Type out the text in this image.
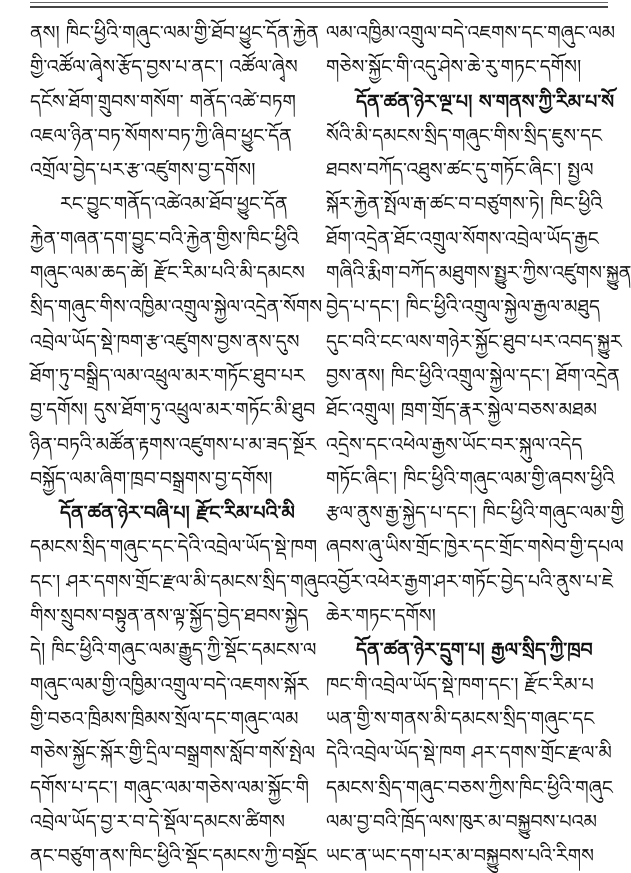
ནས། ཁིང་ཕྱིའི་གཞུང་ལམ་གྱི་ཐོབ་ཕྱུང་དོན་རྐྱེན
གྱི་འཚོལ་ཞྭེས་རྩོད་བྱས་པ་ནང་། འཚོལ་ཞྭེས
དངོས་ཐོག་གྲུབས་གསོག་ གནོད་འཚེ་བཏག
འཇལ་ཉིན་བཏ་སོགས་བཏ་ཀྱི་ཞིབ་ཕྱུང་དོན
འགྲོལ་བྱེད་པར་རྩ་འཛུགས་བྱ་དགོས།
རང་བྱུང་གནོད་འཚེའམ་ཐོབ་ཕྱུང་དོན
རྐྱེན་གཞན་དག་བྱུང་བའི་རྐྱེན་གྱིས་ཁིང་ཕྱིའི
གཞུང་ལམ་ཆད་ཚེ། རྫོང་རིམ་པའི་མི་དམངས
སྲིད་གཞུང་གིས་འཁྱིམ་འགྲུལ་སྐྱེལ་འདྲེན་སོགས
འབྲེལ་ཡོད་སྡེ་ཁག་རྩ་འཛུགས་བྱས་ནས་དུས
ཐོག་ཏུ་བསྒྲིད་ལམ་འཕྲུལ་མར་གཏོང་ཐུབ་པར
བྱ་དགོས། དུས་ཐོག་ཏུ་འཕྲུལ་མར་གཏོང་མི་ཐུབ
ཉིན་བཏའི་མཚོན་རྟགས་འཛུགས་པ་མ་ཟད་སྔོར
བསྐྱོད་ལམ་ཞིག་ཁྲབ་བསྒྲགས་བྱ་དགོས།
དོན་ཚན་ཉེར་བཞི་པ། རྫོང་རིམ་པའི་མི
དམངས་སྲིད་གཞུང་དང་དེའི་འབྲེལ་ཡོད་སྡེ་ཁག
དང་། ཤར་དགས་གྲོང་རྫལ་མི་དམངས་སྲིད་གཞུང
གིས་སྲུབས་བསྟུན་ནས་ལྟ་སྐྱོད་བྱེད་ཐབས་སྐྱེད
དེ། ཁིང་ཕྱིའི་གཞུང་ལམ་རྒྱུད་ཀྱི་སྡོང་དམངས་ལ
གཞུང་ལམ་གྱི་འཁྱིམ་འགྲུལ་བདེ་འཇགས་སྐོར
གྱི་བཅའ་ཁྲིམས་ཁྲིམས་སྲོལ་དང་གཞུང་ལམ
གཅེས་སྐྱོང་སྐོར་གྱི་དྲིལ་བསྒྲགས་སློབ་གསོ་སྤེལ
དགོས་པ་དང་། གཞུང་ལམ་གཅེས་ལམ་སྐྱོང་གི
འབྲེལ་ཡོད་བྱ་ར་བ་དེ་སྡོལ་དམངས་ཚིགས
ནང་བཙུག་ནས་ཁིང་ཕྱིའི་སྡོང་དམངས་ཀྱི་བསྡོང
ལམ་འཁྱིམ་འགྲུལ་བདེ་འཇགས་དང་གཞུང་ལམ
གཅེས་སྐྱོང་གི་འདུ་ཤེས་ཆེ་རུ་གཏང་དགོས།
དོན་ཚན་ཉེར་ལྔ་པ། ས་གནས་ཀྱི་རིམ་པ་སོ
སོའི་མི་དམངས་སྲིད་གཞུང་གིས་སྲིད་ཇུས་དང
ཐབས་བཀོད་འཐུས་ཚང་དུ་གཏོང་ཞིང་། སྤྱལ
སྐོར་རྐྱེན་སྤོལ་རྒ་ཚང་བ་བཙུགས་ཏེ། ཁིང་ཕྱིའི
ཐོག་འདྲེན་ཐོང་འགྲུལ་སོགས་འབྲེལ་ཡོད་རྒྱང
གཞིའི་རྨིག་བཀོད་མཐུགས་སྤྱུར་ཀྱིས་འཛུགས་སྐྱུན
བྱེད་པ་དང་། ཁིང་ཕྱིའི་འགྲུལ་སྐྱེལ་རྒྱལ་མཐུད
དུང་བའི་ངང་ལས་གཉེར་སྐྱོང་ཐུབ་པར་འབད་སྐྱུར
བྱས་ནས། ཁིང་ཕྱིའི་འགྲུལ་སྐྱེལ་དང་། ཐོག་འདྲེན
ཐོང་འགྲུལ། ཁྲག་གྲོད་རྣར་སྐྱེལ་བཅས་མཐམ
འདྲེས་དང་འཕེལ་རྒྱས་ཡོང་བར་སྐུལ་འདེད
གཏོང་ཞིང་། ཁིང་ཕྱིའི་གཞུང་ལམ་གྱི་ཞབས་ཕྱིའི
རྩལ་ནུས་རྒྱ་སྐྱེད་པ་དང་། ཁིང་ཕྱིའི་གཞུང་ལམ་གྱི
ཞབས་ཞུ་ཡིས་གྲོང་ཁྱེར་དང་གྲོང་གསེབ་གྱི་དཔལ
འབྱོར་འཕེར་རྒྱག་ཤར་གཏོང་བྱེད་པའི་ནུས་པ་ཇེ
ཆེར་གཏང་དགོས།
དོན་ཚན་ཉེར་དྲུག་པ། རྒྱལ་སྲིད་ཀྱི་ཁྲབ
ཁང་གི་འབྲེལ་ཡོད་སྡེ་ཁག་དང་། རྫོང་རིམ་པ
ཡན་གྱི་ས་གནས་མི་དམངས་སྲིད་གཞུང་དང
དེའི་འབྲེལ་ཡོད་སྡེ་ཁག ཤར་དགས་གྲོང་རྫལ་མི
དམངས་སྲིད་གཞུང་བཅས་ཀྱིས་ཁིང་ཕྱིའི་གཞུང
ལམ་བྱ་བའི་ཁྲོད་ལས་ཁུར་མ་བསྐྱུབས་པའམ
ཡང་ན་ཡང་དག་པར་མ་བསྐྱུབས་པའི་རིགས
